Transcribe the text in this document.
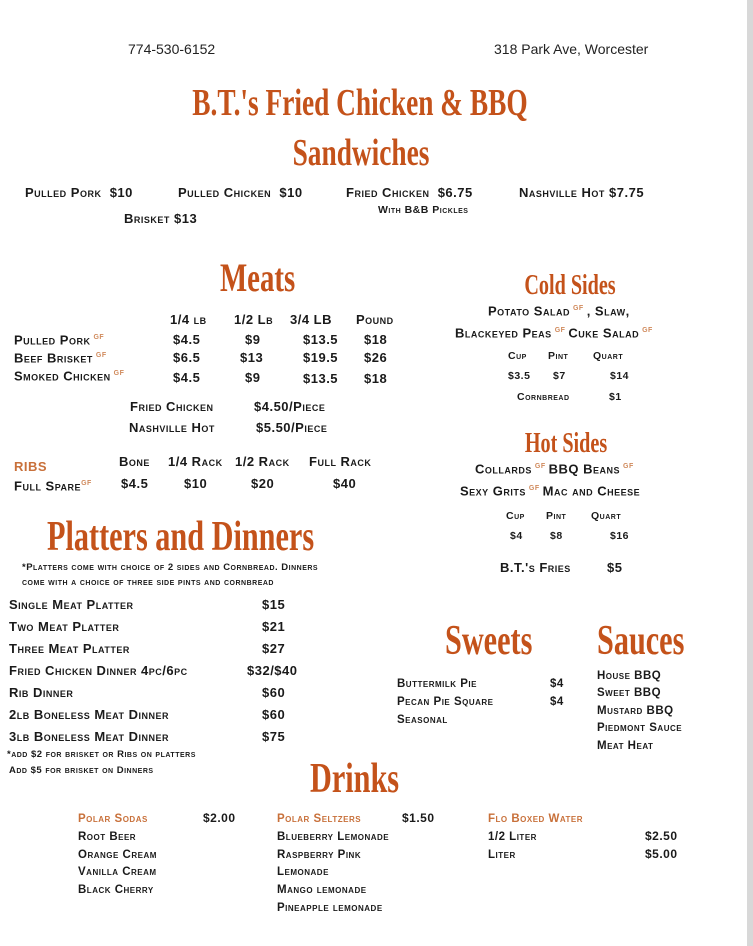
774-530-6152	318 Park Ave, Worcester
B.T.'s Fried Chicken & BBQ
Sandwiches
Pulled Pork $10	Pulled Chicken $10	Fried Chicken $6.75
With B&B Pickles
Nashville Hot $7.75
Brisket $13
Meats
1/4 lb 1/2 Lb 3/4 LB Pound
Pulled Pork $^{GF}$	$4.5	$9	$13.5 $18
Beef Brisket $^{GF}$	$6.5	$13	$19.5 $26
Smoked Chicken $^{GF}$	$4.5	$9	$13.5 $18
Fried Chicken	$4.50/Piece
Nashville Hot	$5.50/Piece
RIBS	Bone 1/4 Rack 1/2 Rack Full Rack
Full Spare$^{GF}$ $4.5	$10	$20	$40
Cold Sides
Potato Salad $^{GF}$ , Slaw,
Blackeyed Peas $^{GF}$ Cuke Salad $^{GF}$
Cup Pint Quart
$3.5 $7	$14
Cornbread	$1
Hot Sides
Collards $^{GF}$ BBQ Beans $^{GF}$
Sexy Grits $^{GF}$ Mac and Cheese
Cup Pint Quart
$4	$8	$16
B.T.'s Fries	$5
Platters and Dinners
*Platters come with choice of 2 sides and Cornbread. Dinners
come with a choice of three side pints and cornbread
Single Meat Platter	$15
Two Meat Platter	$21
Three Meat Platter	$27
Fried Chicken Dinner 4pc/6pc	$32/$40
Rib Dinner	$60
2lb Boneless Meat Dinner	$60
3lb Boneless Meat Dinner	$75
*add $2 for brisket or Ribs on platters
Add $5 for brisket on Dinners
Sweets
Buttermilk Pie	$4
Pecan Pie Square	$4
Seasonal
Sauces
House BBQ
Sweet BBQ
Mustard BBQ
Piedmont Sauce
Meat Heat
Drinks
Polar Sodas	$2.00
Root Beer
Orange Cream
Vanilla Cream
Black Cherry
Polar Seltzers	$1.50
Blueberry Lemonade
Raspberry Pink
Lemonade
Mango lemonade
Pineapple lemonade
Flo Boxed Water
1/2 Liter	$2.50
Liter	$5.00
